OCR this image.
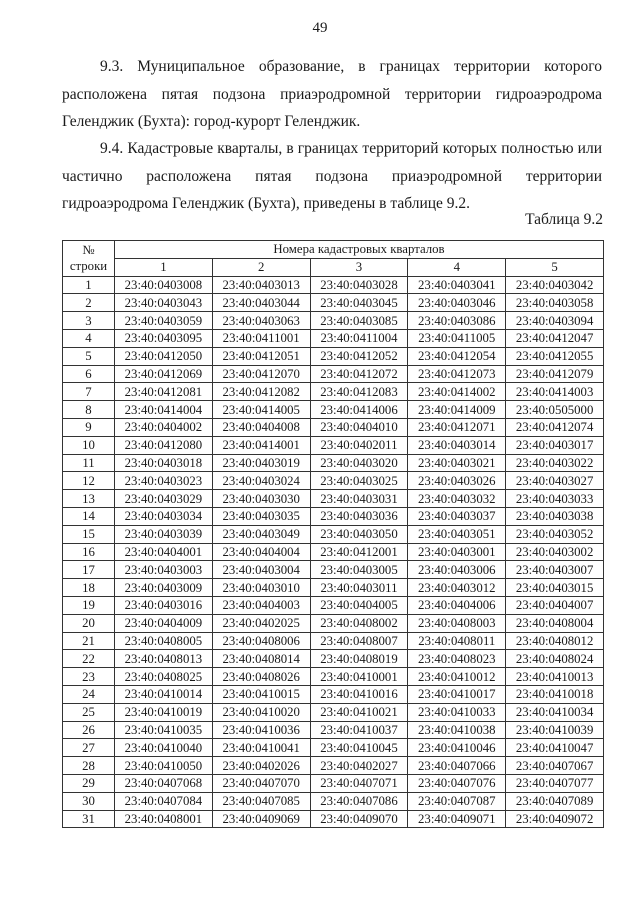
49
9.3. Муниципальное образование, в границах территории которого расположена пятая подзона приаэродромной территории гидроаэродрома Геленджик (Бухта): город-курорт Геленджик.
9.4. Кадастровые кварталы, в границах территорий которых полностью или частично расположена пятая подзона приаэродромной территории гидроаэродрома Геленджик (Бухта), приведены в таблице 9.2.
Таблица 9.2
№
строки	Номера кадастровых кварталов				
	1	2	3	4	5
1	23:40:0403008	23:40:0403013	23:40:0403028	23:40:0403041	23:40:0403042
2	23:40:0403043	23:40:0403044	23:40:0403045	23:40:0403046	23:40:0403058
3	23:40:0403059	23:40:0403063	23:40:0403085	23:40:0403086	23:40:0403094
4	23:40:0403095	23:40:0411001	23:40:0411004	23:40:0411005	23:40:0412047
5	23:40:0412050	23:40:0412051	23:40:0412052	23:40:0412054	23:40:0412055
6	23:40:0412069	23:40:0412070	23:40:0412072	23:40:0412073	23:40:0412079
7	23:40:0412081	23:40:0412082	23:40:0412083	23:40:0414002	23:40:0414003
8	23:40:0414004	23:40:0414005	23:40:0414006	23:40:0414009	23:40:0505000
9	23:40:0404002	23:40:0404008	23:40:0404010	23:40:0412071	23:40:0412074
10	23:40:0412080	23:40:0414001	23:40:0402011	23:40:0403014	23:40:0403017
11	23:40:0403018	23:40:0403019	23:40:0403020	23:40:0403021	23:40:0403022
12	23:40:0403023	23:40:0403024	23:40:0403025	23:40:0403026	23:40:0403027
13	23:40:0403029	23:40:0403030	23:40:0403031	23:40:0403032	23:40:0403033
14	23:40:0403034	23:40:0403035	23:40:0403036	23:40:0403037	23:40:0403038
15	23:40:0403039	23:40:0403049	23:40:0403050	23:40:0403051	23:40:0403052
16	23:40:0404001	23:40:0404004	23:40:0412001	23:40:0403001	23:40:0403002
17	23:40:0403003	23:40:0403004	23:40:0403005	23:40:0403006	23:40:0403007
18	23:40:0403009	23:40:0403010	23:40:0403011	23:40:0403012	23:40:0403015
19	23:40:0403016	23:40:0404003	23:40:0404005	23:40:0404006	23:40:0404007
20	23:40:0404009	23:40:0402025	23:40:0408002	23:40:0408003	23:40:0408004
21	23:40:0408005	23:40:0408006	23:40:0408007	23:40:0408011	23:40:0408012
22	23:40:0408013	23:40:0408014	23:40:0408019	23:40:0408023	23:40:0408024
23	23:40:0408025	23:40:0408026	23:40:0410001	23:40:0410012	23:40:0410013
24	23:40:0410014	23:40:0410015	23:40:0410016	23:40:0410017	23:40:0410018
25	23:40:0410019	23:40:0410020	23:40:0410021	23:40:0410033	23:40:0410034
26	23:40:0410035	23:40:0410036	23:40:0410037	23:40:0410038	23:40:0410039
27	23:40:0410040	23:40:0410041	23:40:0410045	23:40:0410046	23:40:0410047
28	23:40:0410050	23:40:0402026	23:40:0402027	23:40:0407066	23:40:0407067
29	23:40:0407068	23:40:0407070	23:40:0407071	23:40:0407076	23:40:0407077
30	23:40:0407084	23:40:0407085	23:40:0407086	23:40:0407087	23:40:0407089
31	23:40:0408001	23:40:0409069	23:40:0409070	23:40:0409071	23:40:0409072
